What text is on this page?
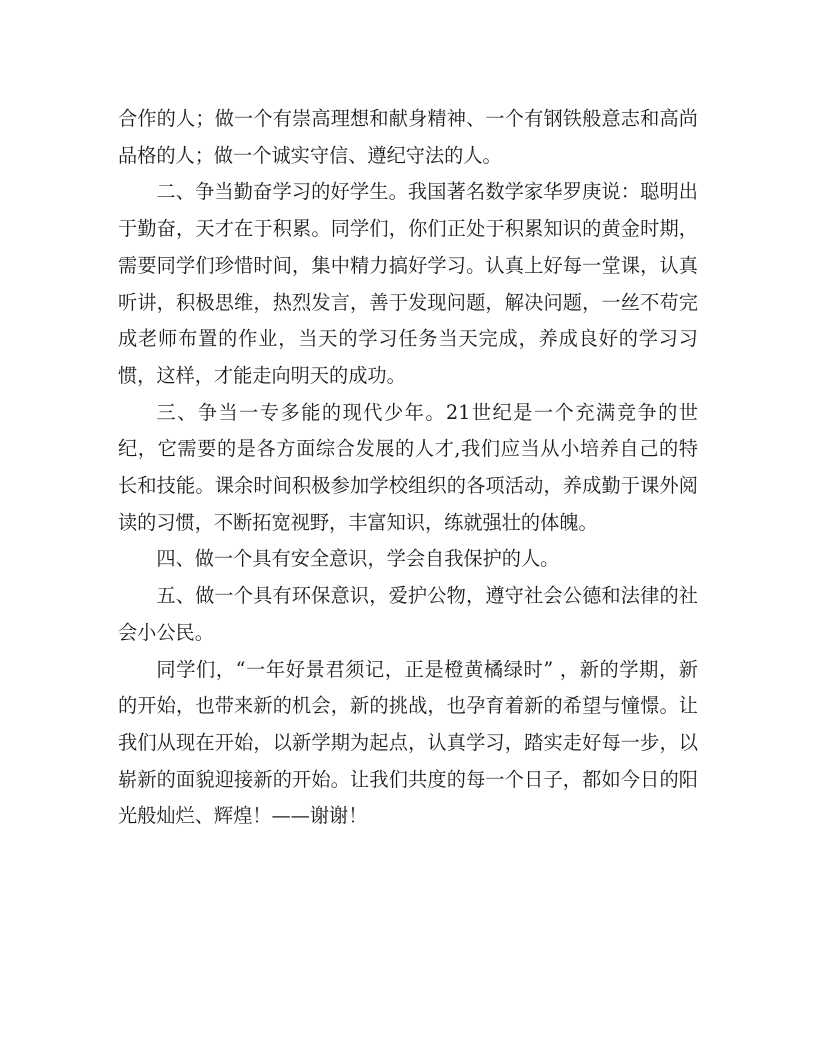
合作的人；做一个有崇高理想和献身精神、一个有钢铁般意志和高尚品格的人；做一个诚实守信、遵纪守法的人。

二、争当勤奋学习的好学生。我国著名数学家华罗庚说：聪明出于勤奋，天才在于积累。同学们，你们正处于积累知识的黄金时期，需要同学们珍惜时间，集中精力搞好学习。认真上好每一堂课，认真听讲，积极思维，热烈发言，善于发现问题，解决问题，一丝不苟完成老师布置的作业，当天的学习任务当天完成，养成良好的学习习惯，这样，才能走向明天的成功。

三、争当一专多能的现代少年。21世纪是一个充满竞争的世纪，它需要的是各方面综合发展的人才,我们应当从小培养自己的特长和技能。课余时间积极参加学校组织的各项活动，养成勤于课外阅读的习惯，不断拓宽视野，丰富知识，练就强壮的体魄。

四、做一个具有安全意识，学会自我保护的人。

五、做一个具有环保意识，爱护公物，遵守社会公德和法律的社会小公民。

同学们，“一年好景君须记，正是橙黄橘绿时” ，新的学期，新的开始，也带来新的机会，新的挑战，也孕育着新的希望与憧憬。让我们从现在开始，以新学期为起点，认真学习，踏实走好每一步，以崭新的面貌迎接新的开始。让我们共度的每一个日子，都如今日的阳光般灿烂、辉煌！——谢谢！
